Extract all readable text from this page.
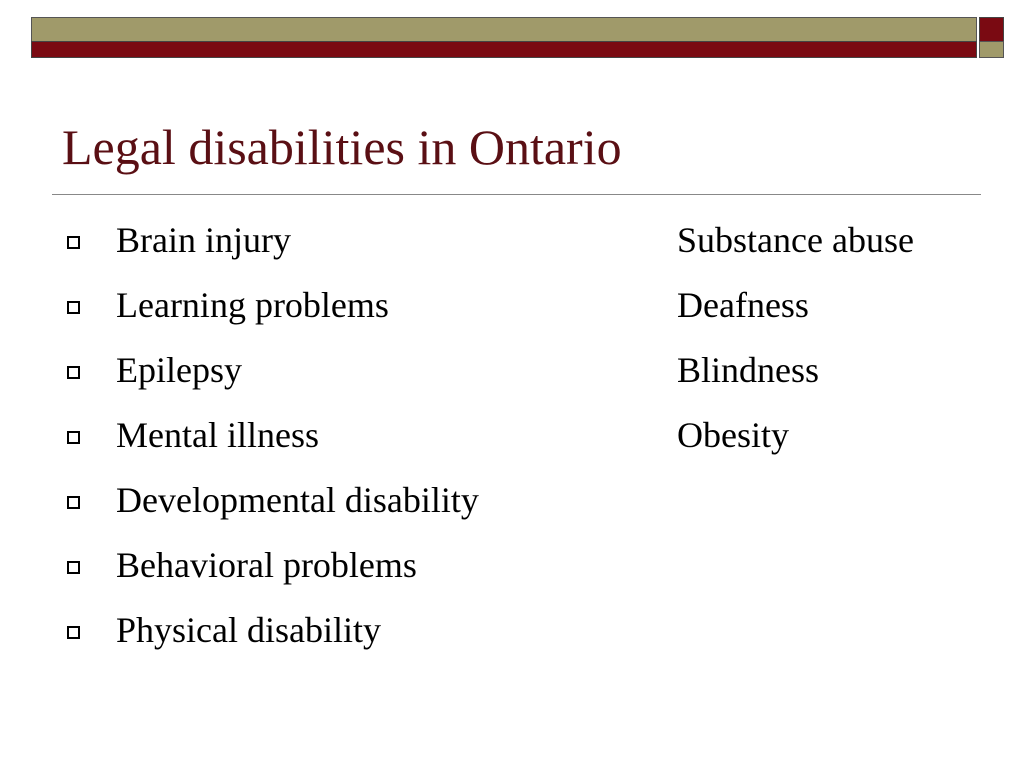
Legal disabilities in Ontario
Brain injury	Substance abuse
Learning problems	Deafness
Epilepsy	Blindness
Mental illness	Obesity
Developmental disability
Behavioral problems
Physical disability
